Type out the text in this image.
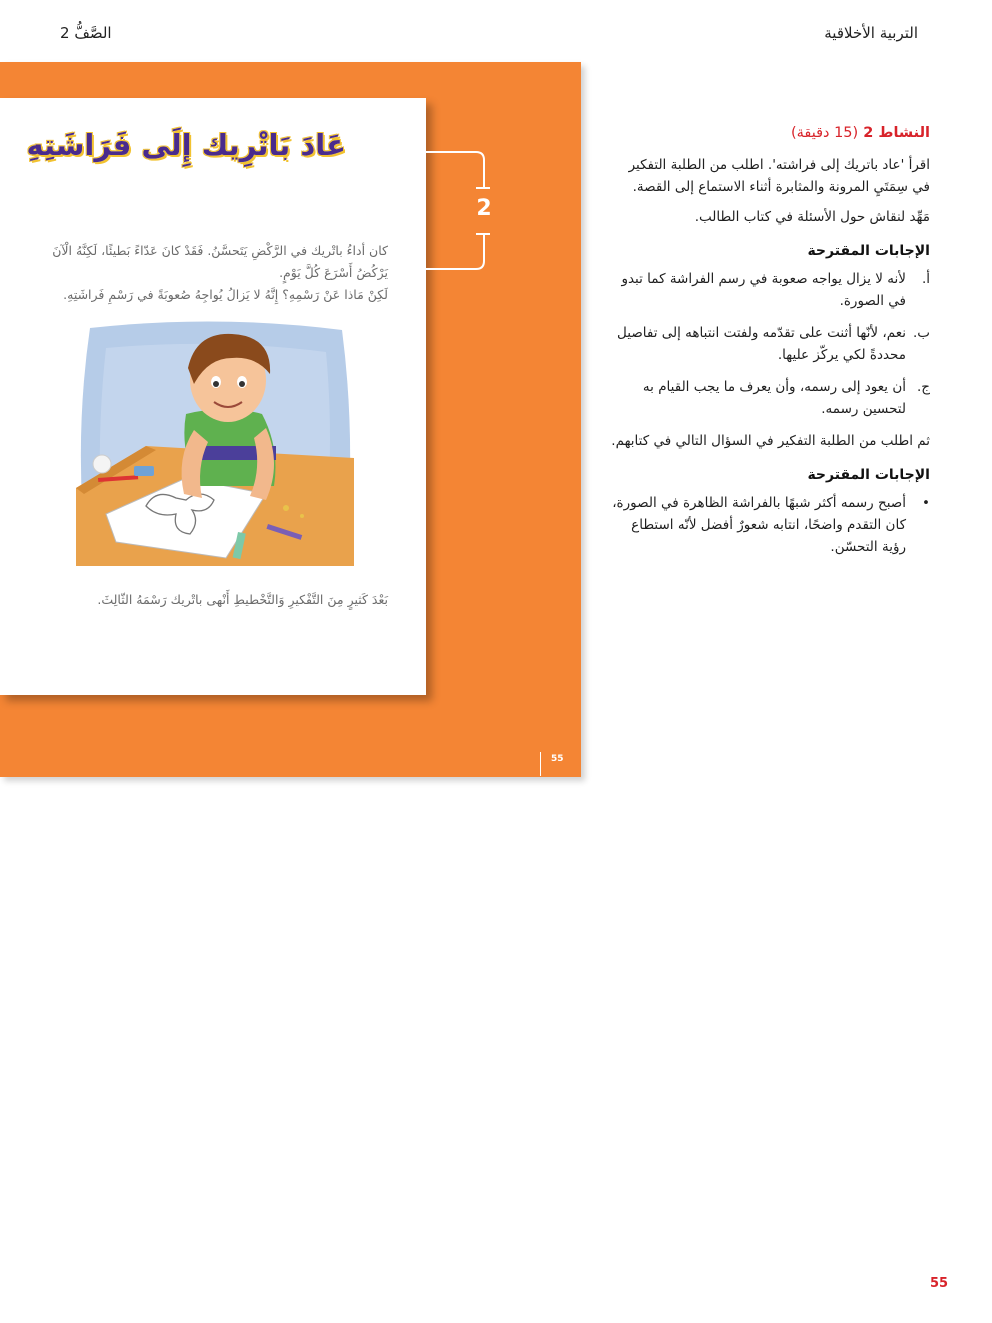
التربية الأخلاقية
الصَّفُّ 2
عَادَ بَاتْرِيك إِلَى فَرَاشَتِهِ

كان أداءُ باتْريك في الرَّكْضِ يَتَحسَّنُ. فَقَدْ كانَ عَدّاءً بَطيئًا، لَكِنَّهُ الْآنَ يَرْكُضُ أَسْرَعَ كُلَّ يَوْمٍ.

لَكِنْ مَاذا عَنْ رَسْمِهِ؟ إِنَّهُ لا يَزالُ يُواجِهُ صُعوبَةً في رَسْمِ فَراشَتِهِ.

بَعْدَ كَثيرٍ مِنَ التَّفْكيرِ وَالتَّخْطيطِ أَنْهى باتْريك رَسْمَهُ الثّالِثَ.
2
55
النشاط 2 (15 دقيقة)

اقرأ 'عاد باتريك إلى فراشته'. اطلب من الطلبة التفكير في سِمَتَيِ المرونة والمثابرة أثناء الاستماع إلى القصة.

مَهِّد لنقاش حول الأسئلة في كتاب الطالب.

الإجابات المقترحة
أ.
لأنه لا يزال يواجه صعوبة في رسم الفراشة كما تبدو في الصورة.
ب.
نعم، لأنّها أثنت على تقدّمه ولفتت انتباهه إلى تفاصيل محددةً لكي يركّز عليها.
ج.
أن يعود إلى رسمه، وأن يعرف ما يجب القيام به لتحسين رسمه.

ثم اطلب من الطلبة التفكير في السؤال التالي في كتابهم.

الإجابات المقترحة
•
أصبح رسمه أكثر شبهًا بالفراشة الظاهرة في الصورة، كان التقدم واضحًا، انتابه شعورٌ أفضل لأنّه استطاع رؤية التحسّن.
55
